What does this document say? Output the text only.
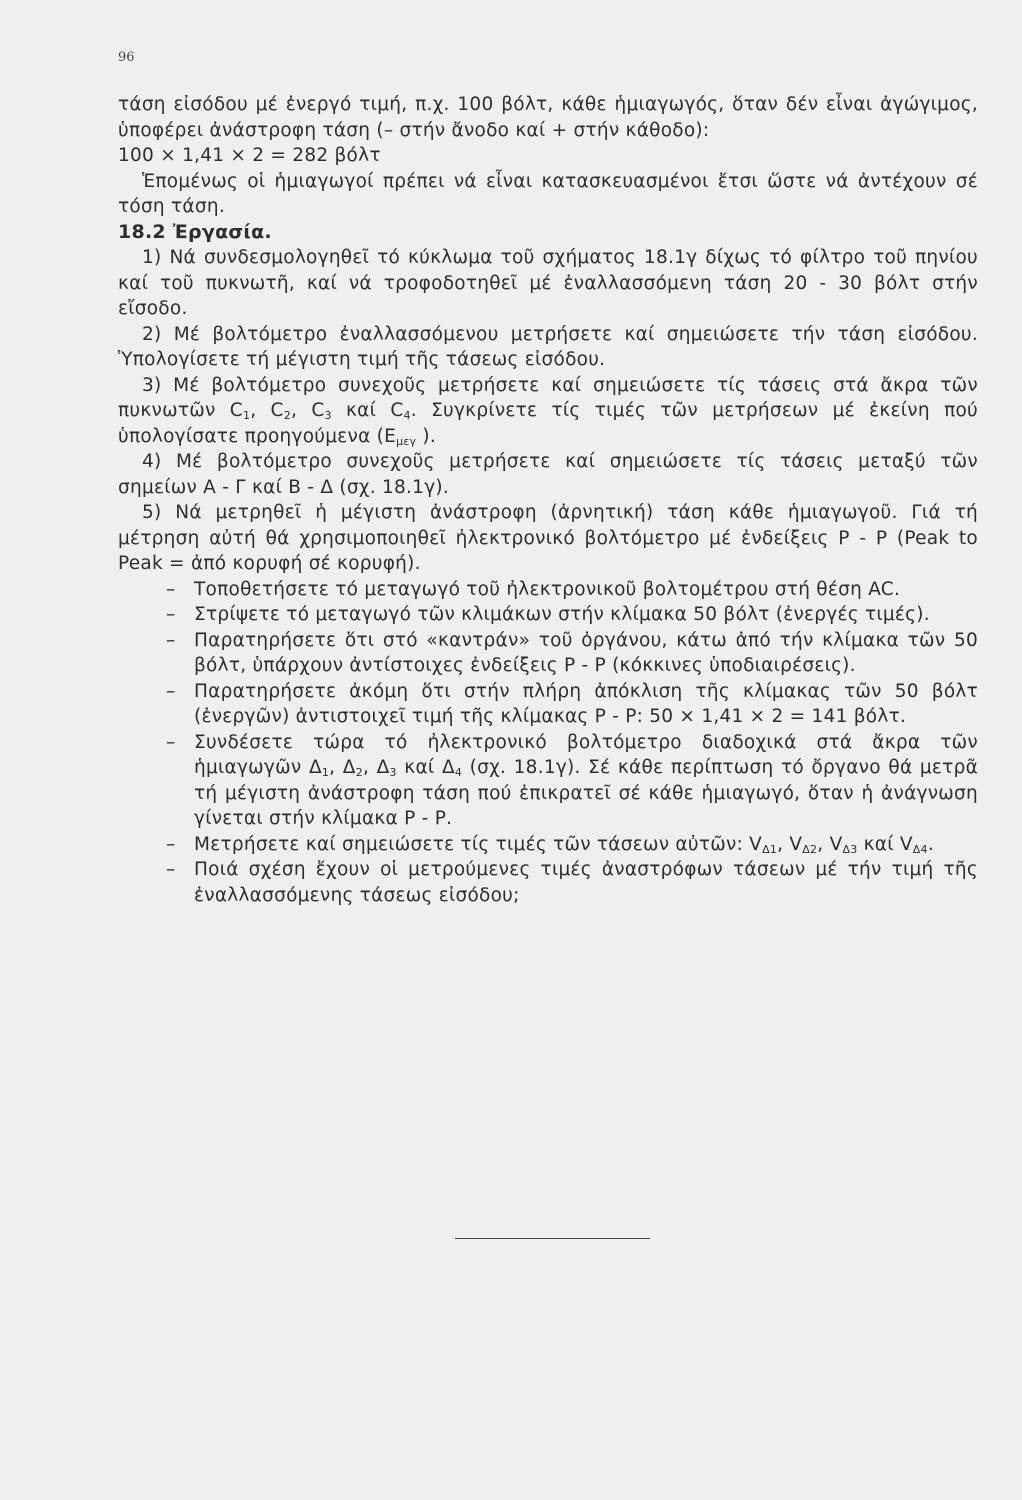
96

τάση εἰσόδου μέ ἐνεργό τιμή, π.χ. 100 βόλτ, κάθε ἡμιαγωγός, ὅταν δέν εἶναι ἀγώγιμος, ὑποφέρει ἀνάστροφη τάση (– στήν ἄνοδο καί + στήν κάθοδο):

100 × 1,41 × 2 = 282 βόλτ

Ἑπομένως οἱ ἡμιαγωγοί πρέπει νά εἶναι κατασκευασμένοι ἔτσι ὥστε νά ἀντέχουν σέ τόση τάση.

18.2 Ἐργασία.

1) Νά συνδεσμολογηθεῖ τό κύκλωμα τοῦ σχήματος 18.1γ δίχως τό φίλτρο τοῦ πηνίου καί τοῦ πυκνωτῆ, καί νά τροφοδοτηθεῖ μέ ἐναλλασσόμενη τάση 20 - 30 βόλτ στήν εἴσοδο.

2) Μέ βολτόμετρο ἐναλλασσόμενου μετρήσετε καί σημειώσετε τήν τάση εἰσόδου. Ὑπολογίσετε τή μέγιστη τιμή τῆς τάσεως εἰσόδου.

3) Μέ βολτόμετρο συνεχοῦς μετρήσετε καί σημειώσετε τίς τάσεις στά ἄκρα τῶν πυκνωτῶν $C_1$, $C_2$, $C_3$ καί $C_4$. Συγκρίνετε τίς τιμές τῶν μετρήσεων μέ ἐκείνη πού ὑπολογίσατε προηγούμενα ($E_{\mu\varepsilon\gamma}$ ).

4) Μέ βολτόμετρο συνεχοῦς μετρήσετε καί σημειώσετε τίς τάσεις μεταξύ τῶν σημείων Α - Γ καί Β - Δ (σχ. 18.1γ).

5) Νά μετρηθεῖ ἡ μέγιστη ἀνάστροφη (ἀρνητική) τάση κάθε ἡμιαγωγοῦ. Γιά τή μέτρηση αὐτή θά χρησιμοποιηθεῖ ἠλεκτρονικό βολτόμετρο μέ ἐνδείξεις Ρ - Ρ (Peak to Peak = ἀπό κορυφή σέ κορυφή).

– Τοποθετήσετε τό μεταγωγό τοῦ ἠλεκτρονικοῦ βολτομέτρου στή θέση AC.

– Στρίψετε τό μεταγωγό τῶν κλιμάκων στήν κλίμακα 50 βόλτ (ἐνεργές τιμές).

– Παρατηρήσετε ὅτι στό «καντράν» τοῦ ὀργάνου, κάτω ἀπό τήν κλίμακα τῶν 50 βόλτ, ὑπάρχουν ἀντίστοιχες ἐνδείξεις Ρ - Ρ (κόκκινες ὑποδιαιρέσεις).

– Παρατηρήσετε ἀκόμη ὅτι στήν πλήρη ἀπόκλιση τῆς κλίμακας τῶν 50 βόλτ (ἐνεργῶν) ἀντιστοιχεῖ τιμή τῆς κλίμακας Ρ - Ρ: 50 × 1,41 × 2 = 141 βόλτ.

– Συνδέσετε τώρα τό ἠλεκτρονικό βολτόμετρο διαδοχικά στά ἄκρα τῶν ἡμιαγωγῶν $\Delta_1$, $\Delta_2$, $\Delta_3$ καί $\Delta_4$ (σχ. 18.1γ). Σέ κάθε περίπτωση τό ὄργανο θά μετρᾶ τή μέγιστη ἀνάστροφη τάση πού ἐπικρατεῖ σέ κάθε ἡμιαγωγό, ὅταν ἡ ἀνάγνωση γίνεται στήν κλίμακα Ρ - Ρ.

– Μετρήσετε καί σημειώσετε τίς τιμές τῶν τάσεων αὐτῶν: $V_{\Delta 1}$, $V_{\Delta 2}$, $V_{\Delta 3}$ καί $V_{\Delta 4}$.

– Ποιά σχέση ἔχουν οἱ μετρούμενες τιμές ἀναστρόφων τάσεων μέ τήν τιμή τῆς ἐναλλασσόμενης τάσεως εἰσόδου;
